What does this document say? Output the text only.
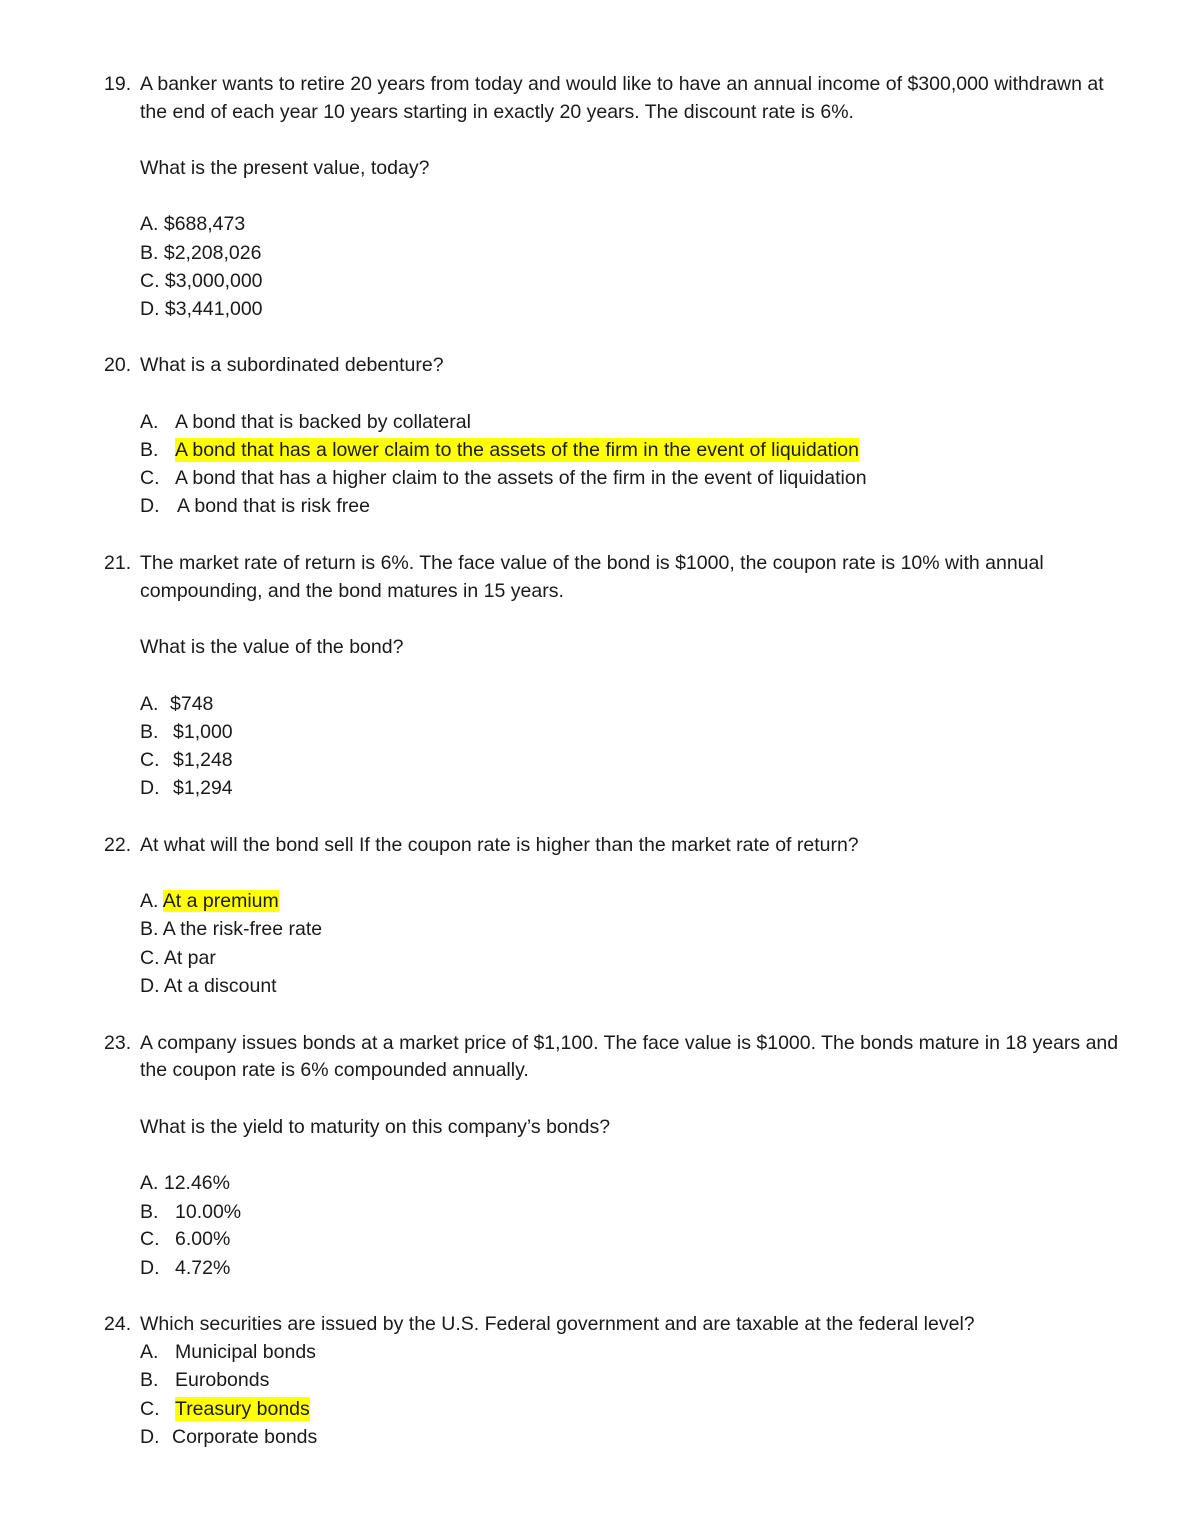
19. A banker wants to retire 20 years from today and would like to have an annual income of $300,000 withdrawn at
the end of each year 10 years starting in exactly 20 years. The discount rate is 6%.
What is the present value, today?
A. $688,473
B. $2,208,026
C. $3,000,000
D. $3,441,000
20. What is a subordinated debenture?
A. A bond that is backed by collateral
B. A bond that has a lower claim to the assets of the firm in the event of liquidation
C. A bond that has a higher claim to the assets of the firm in the event of liquidation
D. A bond that is risk free
21. The market rate of return is 6%. The face value of the bond is $1000, the coupon rate is 10% with annual
compounding, and the bond matures in 15 years.
What is the value of the bond?
A. $748
B. $1,000
C. $1,248
D. $1,294
22. At what will the bond sell If the coupon rate is higher than the market rate of return?
A. At a premium
B. A the risk-free rate
C. At par
D. At a discount
23. A company issues bonds at a market price of $1,100. The face value is $1000. The bonds mature in 18 years and
the coupon rate is 6% compounded annually.
What is the yield to maturity on this company’s bonds?
A. 12.46%
B. 10.00%
C. 6.00%
D. 4.72%
24. Which securities are issued by the U.S. Federal government and are taxable at the federal level?
A. Municipal bonds
B. Eurobonds
C. Treasury bonds
D. Corporate bonds
